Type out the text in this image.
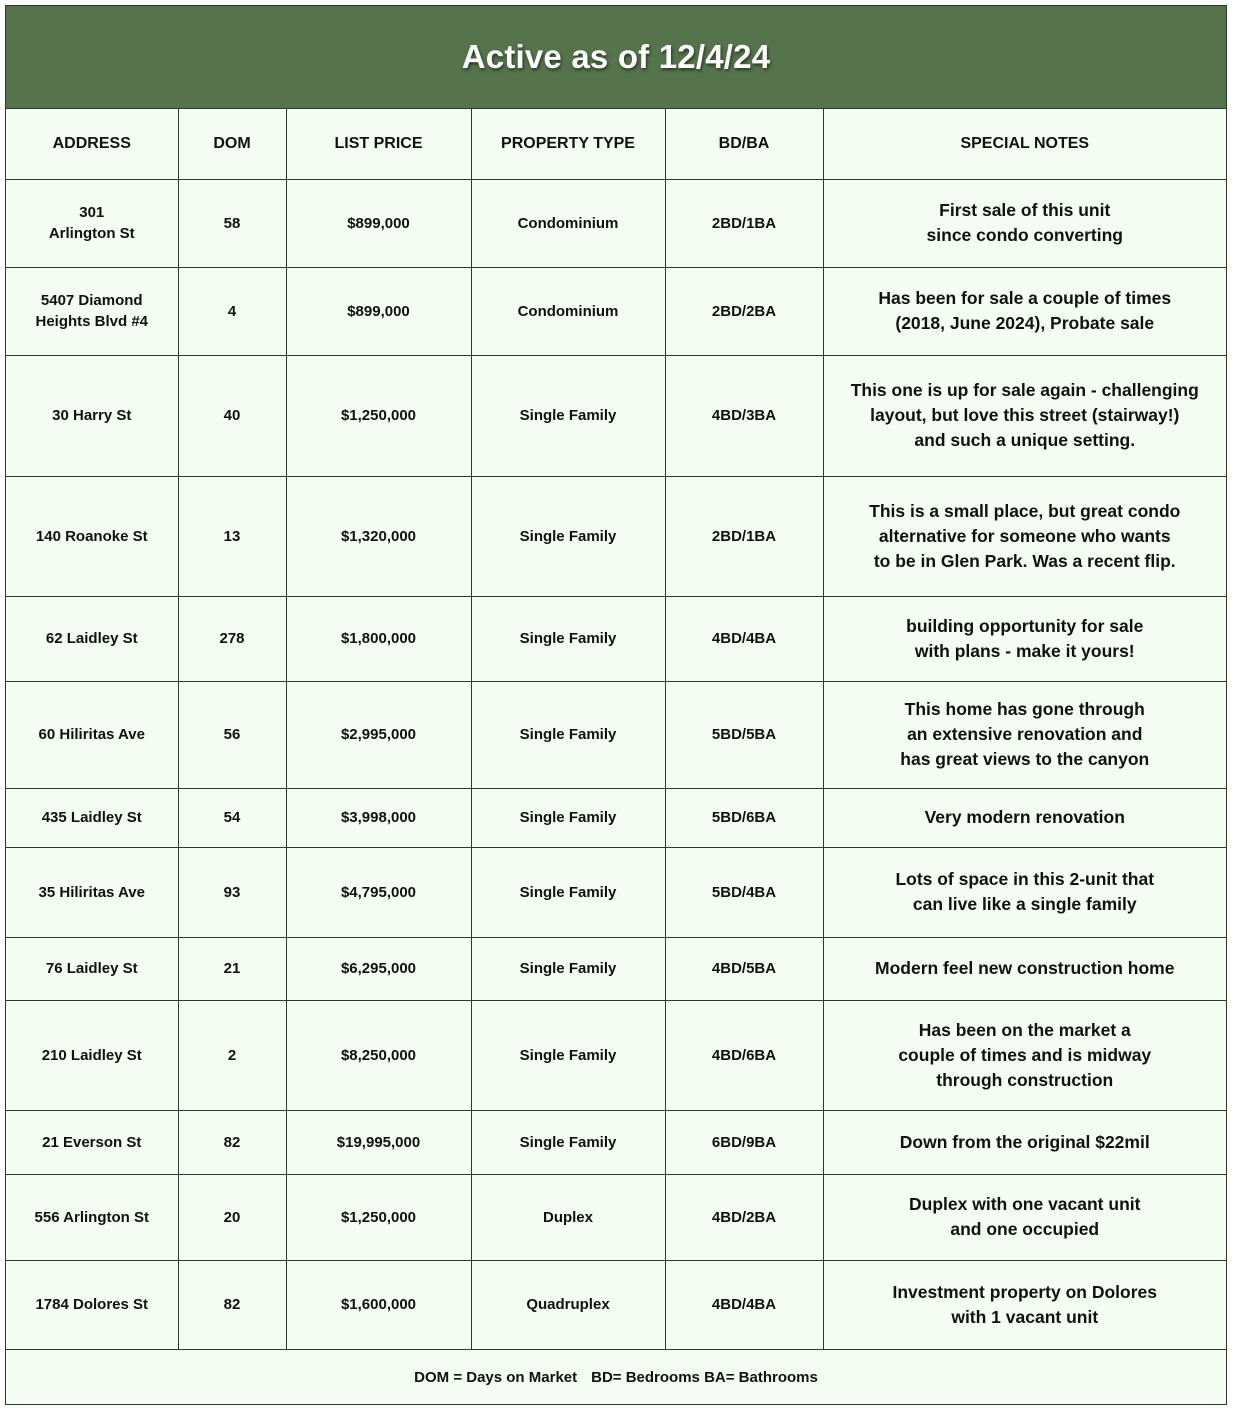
Active as of 12/4/24
ADDRESS	DOM	LIST PRICE	PROPERTY TYPE	BD/BA	SPECIAL NOTES
301
Arlington St	58	$899,000	Condominium	2BD/1BA	First sale of this unit
since condo converting
5407 Diamond
Heights Blvd #4	4	$899,000	Condominium	2BD/2BA	Has been for sale a couple of times
(2018, June 2024), Probate sale
30 Harry St	40	$1,250,000	Single Family	4BD/3BA	This one is up for sale again - challenging
layout, but love this street (stairway!)
and such a unique setting.
140 Roanoke St	13	$1,320,000	Single Family	2BD/1BA	This is a small place, but great condo
alternative for someone who wants
to be in Glen Park. Was a recent flip.
62 Laidley St	278	$1,800,000	Single Family	4BD/4BA	building opportunity for sale
with plans - make it yours!
60 Hiliritas Ave	56	$2,995,000	Single Family	5BD/5BA	This home has gone through
an extensive renovation and
has great views to the canyon
435 Laidley St	54	$3,998,000	Single Family	5BD/6BA	Very modern renovation
35 Hiliritas Ave	93	$4,795,000	Single Family	5BD/4BA	Lots of space in this 2-unit that
can live like a single family
76 Laidley St	21	$6,295,000	Single Family	4BD/5BA	Modern feel new construction home
210 Laidley St	2	$8,250,000	Single Family	4BD/6BA	Has been on the market a
couple of times and is midway
through construction
21 Everson St	82	$19,995,000	Single Family	6BD/9BA	Down from the original $22mil
556 Arlington St	20	$1,250,000	Duplex	4BD/2BA	Duplex with one vacant unit
and one occupied
1784 Dolores St	82	$1,600,000	Quadruplex	4BD/4BA	Investment property on Dolores
with 1 vacant unit
DOM = Days on Market BD= Bedrooms BA= Bathrooms					
